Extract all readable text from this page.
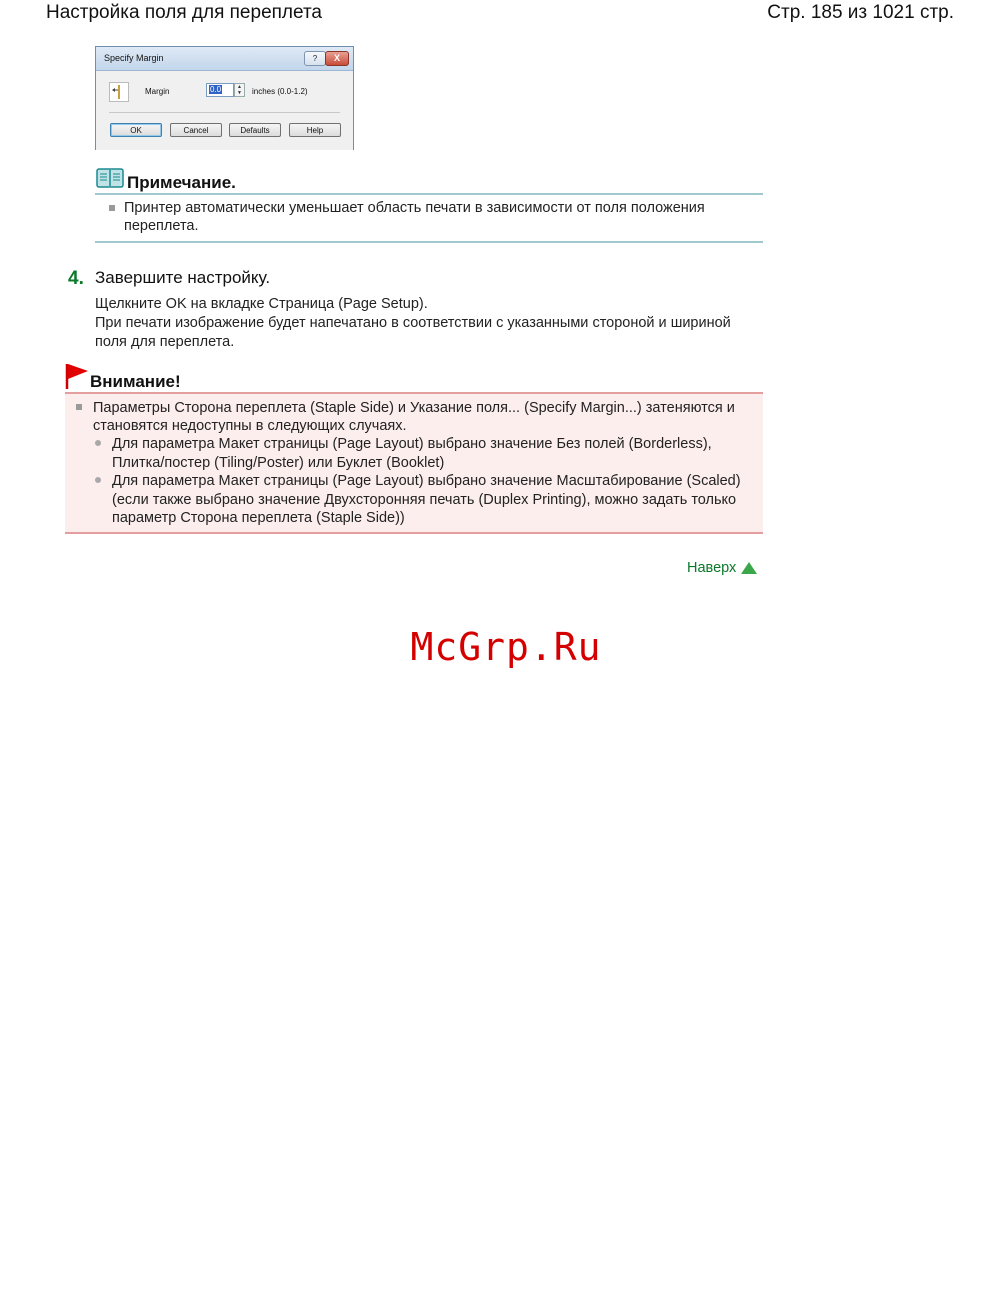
Настройка поля для переплета	Стр. 185 из 1021 стр.
Specify Margin	?	X
Margin	0.0	▲
▼	inches (0.0-1.2)
OK	Cancel	Defaults	Help
Примечание.
Принтер автоматически уменьшает область печати в зависимости от поля положения переплета.
4. Завершите настройку.
Щелкните OK на вкладке Страница (Page Setup).
При печати изображение будет напечатано в соответствии с указанными стороной и шириной поля для переплета.
Внимание!
Параметры Сторона переплета (Staple Side) и Указание поля... (Specify Margin...) затеняются и становятся недоступны в следующих случаях.
Для параметра Макет страницы (Page Layout) выбрано значение Без полей (Borderless), Плитка/постер (Tiling/Poster) или Буклет (Booklet)
Для параметра Макет страницы (Page Layout) выбрано значение Масштабирование (Scaled) (если также выбрано значение Двухсторонняя печать (Duplex Printing), можно задать только параметр Сторона переплета (Staple Side))
Наверх
McGrp.Ru
